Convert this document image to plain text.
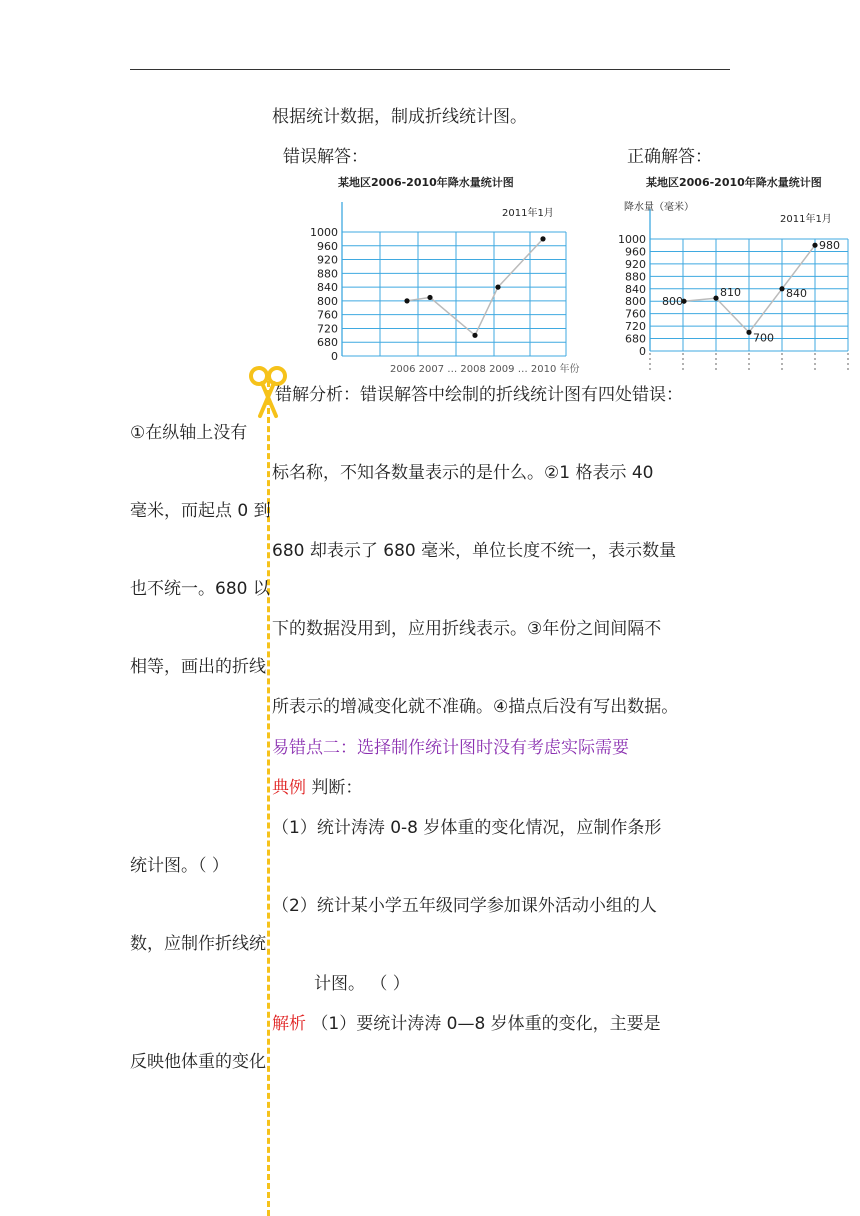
根据统计数据，制成折线统计图。
错误解答：	正确解答：
某地区2006-2010年降水量统计图
2011年1月
0
680
720
760
800
840
880
920
960
1000
2006 2007 … 2008 2009 … 2010 年份
某地区2006-2010年降水量统计图
降水量（毫米）
2011年1月
0
680
720
760
800
840
880
920
960
1000
800
810
700
840
980
错解分析：错误解答中绘制的折线统计图有四处错误：
①在纵轴上没有
标名称，不知各数量表示的是什么。②1 格表示 40
毫米，而起点 0 到
680 却表示了 680 毫米，单位长度不统一，表示数量
也不统一。680 以
下的数据没用到，应用折线表示。③年份之间间隔不
相等，画出的折线
所表示的增减变化就不准确。④描点后没有写出数据。
易错点二：选择制作统计图时没有考虑实际需要
典例 判断：
（1）统计涛涛 0-8 岁体重的变化情况，应制作条形
统计图。（ ）
（2）统计某小学五年级同学参加课外活动小组的人
数，应制作折线统
计图。 （ ）
解析 （1）要统计涛涛 0—8 岁体重的变化，主要是
反映他体重的变化
